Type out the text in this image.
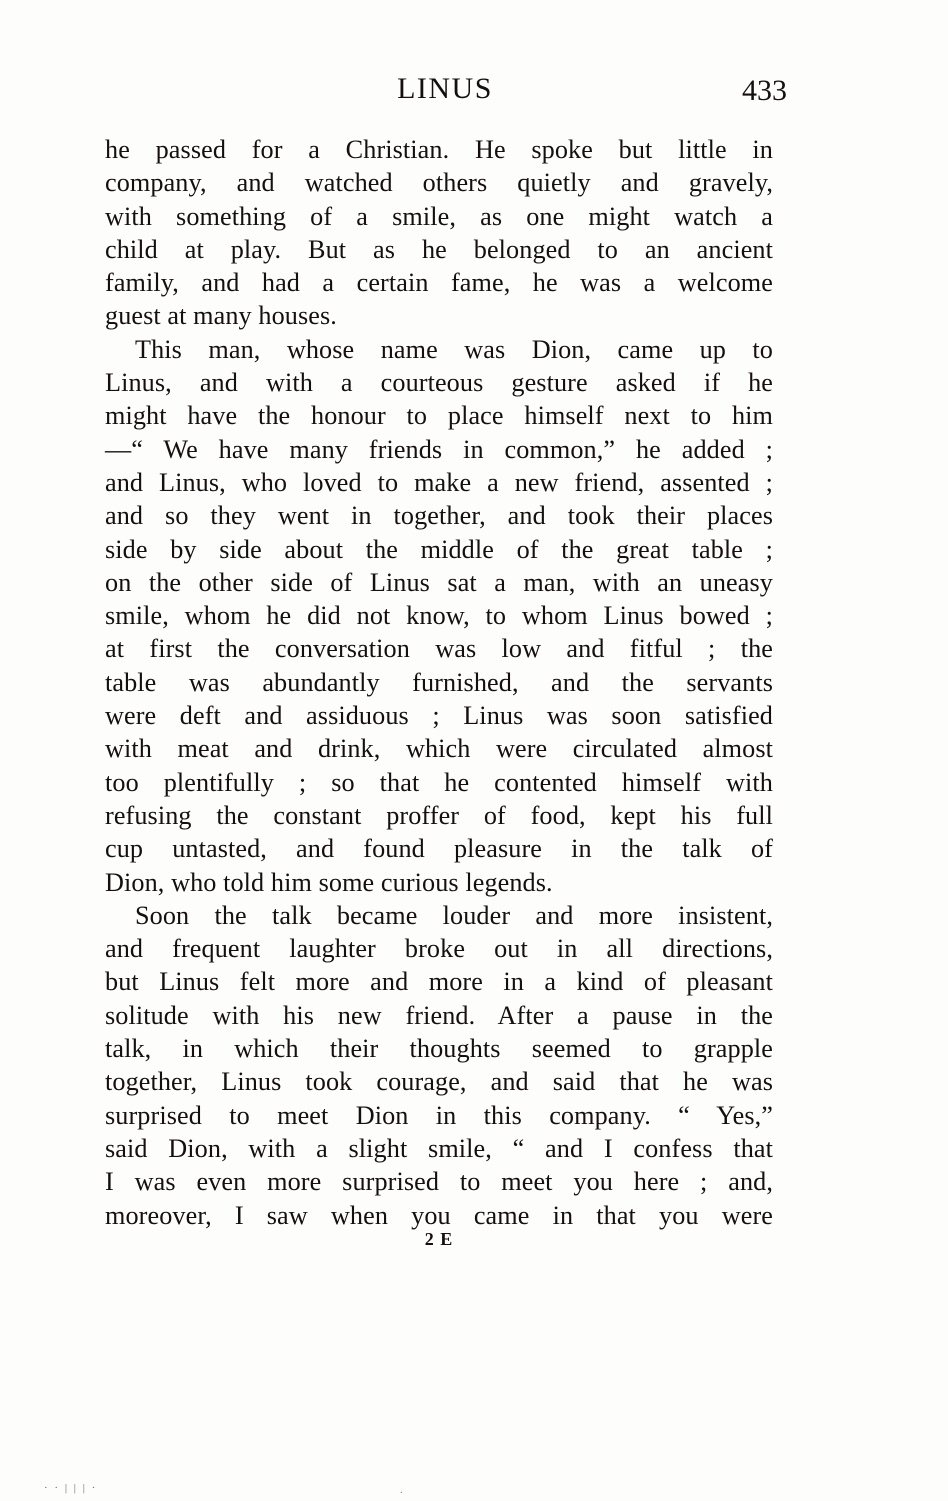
LINUS	433
he passed for a Christian. He spoke but little in
company, and watched others quietly and gravely,
with something of a smile, as one might watch a
child at play. But as he belonged to an ancient
family, and had a certain fame, he was a welcome
guest at many houses.
This man, whose name was Dion, came up to
Linus, and with a courteous gesture asked if he
might have the honour to place himself next to him
—“ We have many friends in common,” he added ;
and Linus, who loved to make a new friend, assented ;
and so they went in together, and took their places
side by side about the middle of the great table ;
on the other side of Linus sat a man, with an uneasy
smile, whom he did not know, to whom Linus bowed ;
at first the conversation was low and fitful ; the
table was abundantly furnished, and the servants
were deft and assiduous ; Linus was soon satisfied
with meat and drink, which were circulated almost
too plentifully ; so that he contented himself with
refusing the constant proffer of food, kept his full
cup untasted, and found pleasure in the talk of
Dion, who told him some curious legends.
Soon the talk became louder and more insistent,
and frequent laughter broke out in all directions,
but Linus felt more and more in a kind of pleasant
solitude with his new friend. After a pause in the
talk, in which their thoughts seemed to grapple
together, Linus took courage, and said that he was
surprised to meet Dion in this company. “ Yes,”
said Dion, with a slight smile, “ and I confess that
I was even more surprised to meet you here ; and,
moreover, I saw when you came in that you were
2 E
· · | | | ·	.
